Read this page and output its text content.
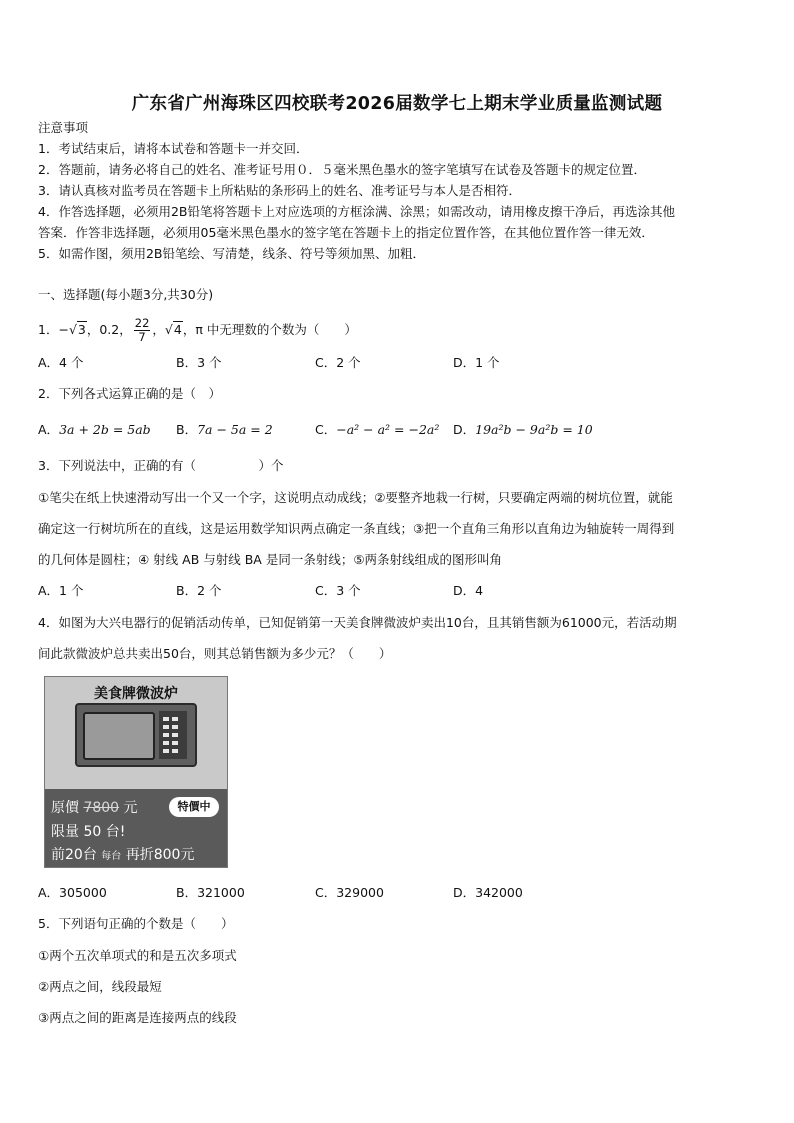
广东省广州海珠区四校联考2026届数学七上期末学业质量监测试题
注意事项
1．考试结束后，请将本试卷和答题卡一并交回．
2．答题前，请务必将自己的姓名、准考证号用０．５毫米黑色墨水的签字笔填写在试卷及答题卡的规定位置．
3．请认真核对监考员在答题卡上所粘贴的条形码上的姓名、准考证号与本人是否相符．
4．作答选择题，必须用2B铅笔将答题卡上对应选项的方框涂满、涂黑；如需改动，请用橡皮擦干净后，再选涂其他
答案．作答非选择题，必须用05毫米黑色墨水的签字笔在答题卡上的指定位置作答，在其他位置作答一律无效．
5．如需作图，须用2B铅笔绘、写清楚，线条、符号等须加黑、加粗．
一、选择题(每小题3分,共30分)
1．−√3，0.2， $\frac{22}{7}$ ，√4，π 中无理数的个数为（　　）
A．4 个	B．3 个	C．2 个	D．1 个
2．下列各式运算正确的是（　）
A．3a + 2b = 5ab B．7a − 5a = 2	C．−a² − a² = −2a² D．19a²b − 9a²b = 10
3．下列说法中，正确的有（　　　　　）个
①笔尖在纸上快速滑动写出一个又一个字，这说明点动成线；②要整齐地栽一行树，只要确定两端的树坑位置，就能
确定这一行树坑所在的直线，这是运用数学知识两点确定一条直线；③把一个直角三角形以直角边为轴旋转一周得到
的几何体是圆柱；④ 射线 AB 与射线 BA 是同一条射线；⑤两条射线组成的图形叫角
A．1 个	B．2 个	C．3 个	D．4
4．如图为大兴电器行的促销活动传单，已知促销第一天美食牌微波炉卖出10台，且其销售额为61000元，若活动期
间此款微波炉总共卖出50台，则其总销售额为多少元？（　　）
美食牌微波炉
原價 7800 元	特價中
限量 50 台!
前20台 每台 再折800元
A．305000	B．321000	C．329000	D．342000
5．下列语句正确的个数是（　　）
①两个五次单项式的和是五次多项式
②两点之间，线段最短
③两点之间的距离是连接两点的线段
